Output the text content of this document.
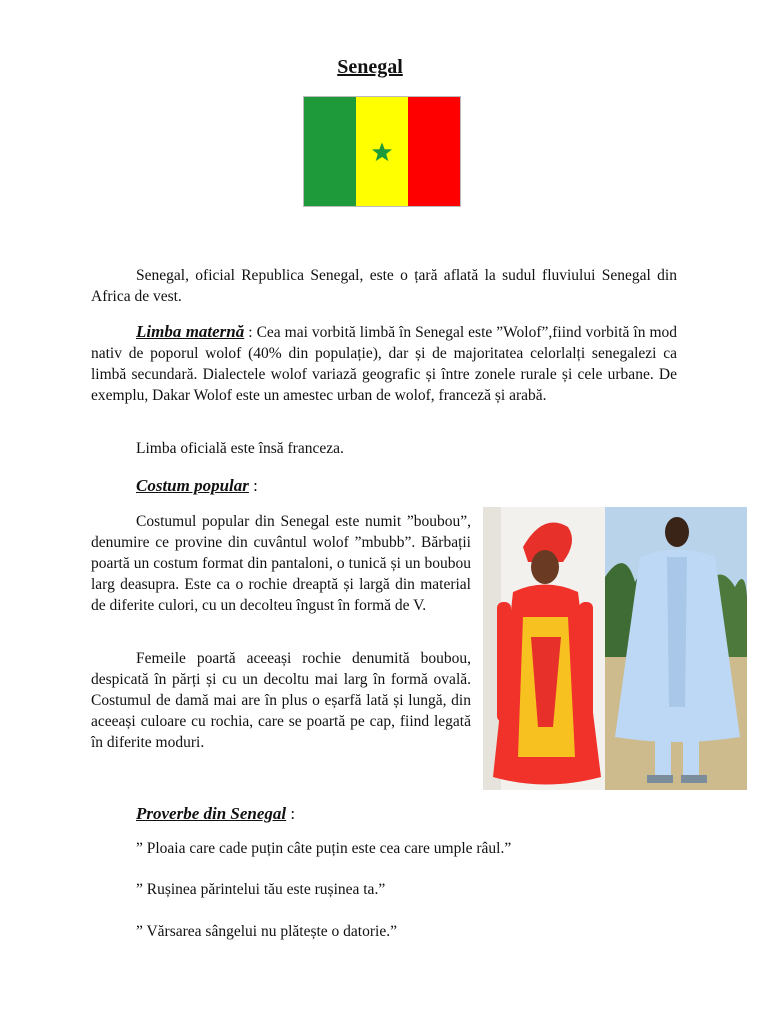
Senegal

Senegal, oficial Republica Senegal, este o țară aflată la sudul fluviului Senegal din Africa de vest.

Limba maternă : Cea mai vorbită limbă în Senegal este ”Wolof”,fiind vorbită în mod nativ de poporul wolof (40% din populație), dar și de majoritatea celorlalți senegalezi ca limbă secundară. Dialectele wolof variază geografic și între zonele rurale și cele urbane. De exemplu, Dakar Wolof este un amestec urban de wolof, franceză și arabă.

Limba oficială este însă franceza.
Costum popular :

Costumul popular din Senegal este numit ”boubou”, denumire ce provine din cuvântul wolof ”mbubb”. Bărbații poartă un costum format din pantaloni, o tunică și un boubou larg deasupra. Este ca o rochie dreaptă și largă din material de diferite culori, cu un decolteu îngust în formă de V.

Femeile poartă aceeași rochie denumită boubou, despicată în părți și cu un decoltu mai larg în formă ovală. Costumul de damă mai are în plus o eșarfă lată și lungă, din aceeași culoare cu rochia, care se poartă pe cap, fiind legată în diferite moduri.

Proverbe din Senegal :
” Ploaia care cade puțin câte puțin este cea care umple râul.”
” Rușinea părintelui tău este rușinea ta.”
” Vărsarea sângelui nu plătește o datorie.”
